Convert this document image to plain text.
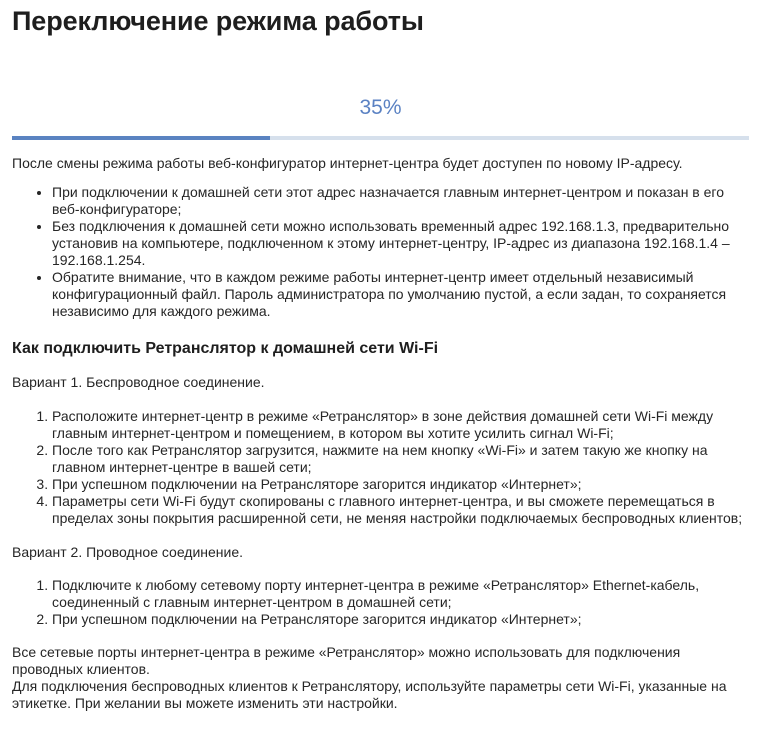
Переключение режима работы
35%

После смены режима работы веб-конфигуратор интернет-центра будет доступен по новому IP-адресу.

• При подключении к домашней сети этот адрес назначается главным интернет-центром и показан в его веб-конфигураторе;
• Без подключения к домашней сети можно использовать временный адрес 192.168.1.3, предварительно установив на компьютере, подключенном к этому интернет-центру, IP-адрес из диапазона 192.168.1.4 – 192.168.1.254.
• Обратите внимание, что в каждом режиме работы интернет-центр имеет отдельный независимый конфигурационный файл. Пароль администратора по умолчанию пустой, а если задан, то сохраняется независимо для каждого режима.
Как подключить Ретранслятор к домашней сети Wi-Fi

Вариант 1. Беспроводное соединение.

1. Расположите интернет-центр в режиме «Ретранслятор» в зоне действия домашней сети Wi-Fi между главным интернет-центром и помещением, в котором вы хотите усилить сигнал Wi-Fi;
2. После того как Ретранслятор загрузится, нажмите на нем кнопку «Wi-Fi» и затем такую же кнопку на главном интернет-центре в вашей сети;
3. При успешном подключении на Ретрансляторе загорится индикатор «Интернет»;
4. Параметры сети Wi-Fi будут скопированы с главного интернет-центра, и вы сможете перемещаться в пределах зоны покрытия расширенной сети, не меняя настройки подключаемых беспроводных клиентов;

Вариант 2. Проводное соединение.

1. Подключите к любому сетевому порту интернет-центра в режиме «Ретранслятор» Ethernet-кабель, соединенный с главным интернет-центром в домашней сети;
2. При успешном подключении на Ретрансляторе загорится индикатор «Интернет»;

Все сетевые порты интернет-центра в режиме «Ретранслятор» можно использовать для подключения проводных клиентов.

Для подключения беспроводных клиентов к Ретранслятору, используйте параметры сети Wi-Fi, указанные на этикетке. При желании вы можете изменить эти настройки.
